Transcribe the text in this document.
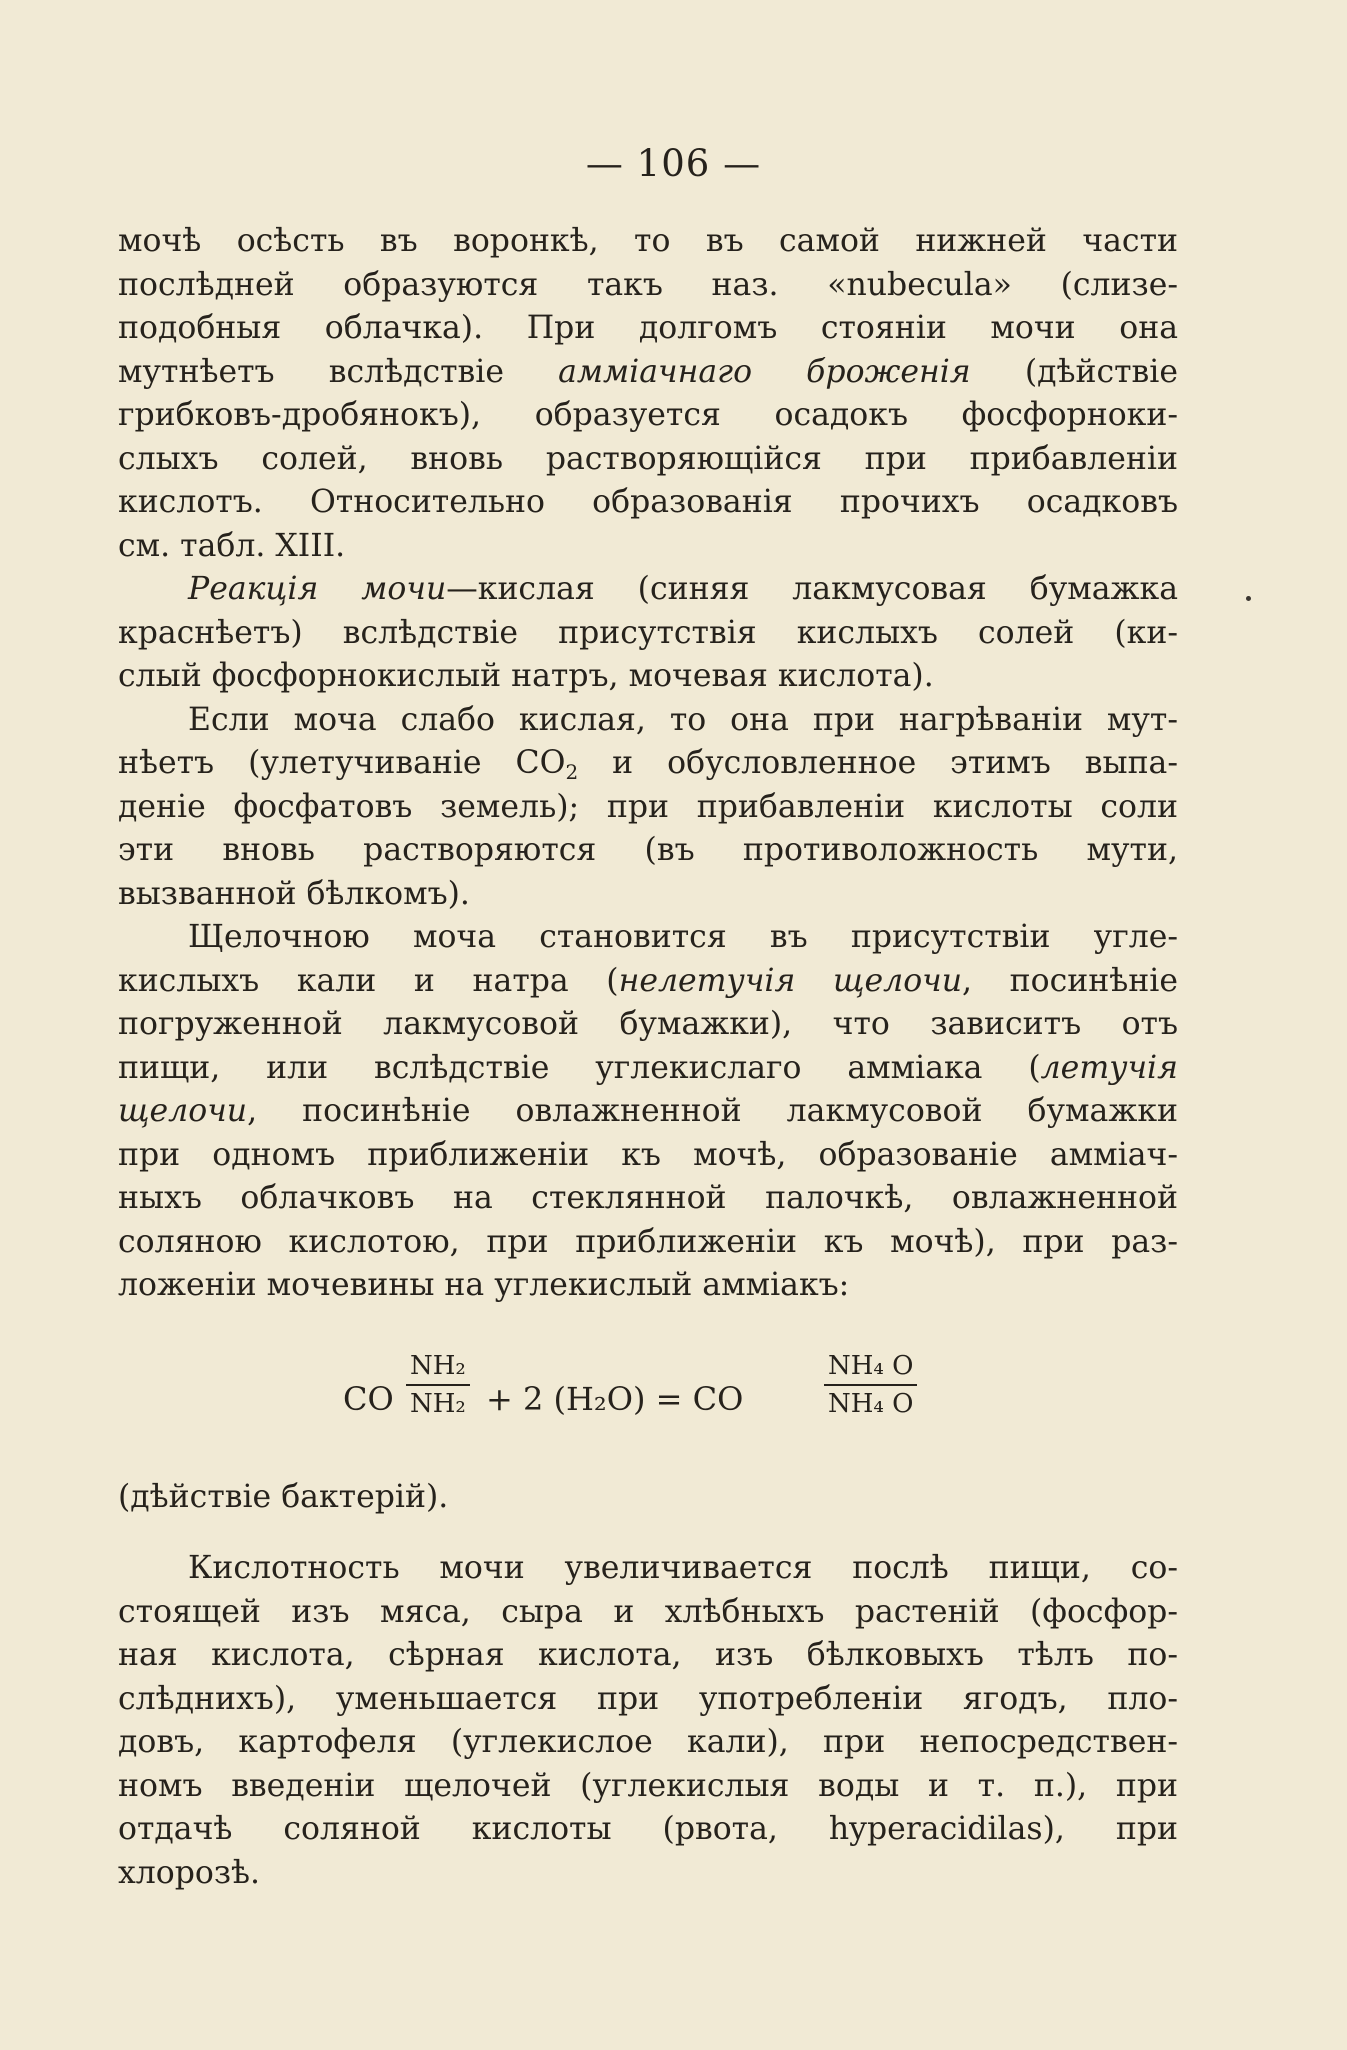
— 106 —
мочѣ осѣсть въ воронкѣ, то въ самой нижней части
послѣдней образуются такъ наз. «nubecula» (слизе-
подобныя облачка). При долгомъ стояніи мочи она
мутнѣетъ вслѣдствіе аммiачнаго броженiя (дѣйствіе
грибковъ-дробянокъ), образуется осадокъ фосфорноки-
слыхъ солей, вновь растворяющійся при прибавленіи
кислотъ. Относительно образованія прочихъ осадковъ
см. табл. XIII.
Реакція мочи—кислая (синяя лакмусовая бумажка
краснѣетъ) вслѣдствіе присутствія кислыхъ солей (ки-
слый фосфорнокислый натръ, мочевая кислота).
Если моча слабо кислая, то она при нагрѣваніи мут-
нѣетъ (улетучиваніе $CO_2$ и обусловленное этимъ выпа-
деніе фосфатовъ земель); при прибавленіи кислоты соли
эти вновь растворяются (въ противоложность мути,
вызванной бѣлкомъ).
Щелочною моча становится въ присутствіи угле-
кислыхъ кали и натра (нелетучія щелочи, посинѣніе
погруженной лакмусовой бумажки), что зависитъ отъ
пищи, или вслѣдствіе углекислаго амміака (летучія
щелочи, посинѣніе овлажненной лакмусовой бумажки
при одномъ приближеніи къ мочѣ, образованіе амміач-
ныхъ облачковъ на стеклянной палочкѣ, овлажненной
соляною кислотою, при приближеніи къ мочѣ), при раз-
ложеніи мочевины на углекислый амміакъ:
CO $\frac{\text{NH₂}}{\text{NH₂}} + 2$ (H₂O) = CO	$\frac{\text{NH₄ O}}{\text{NH₄ O}}$
(дѣйствіе бактерій).
Кислотность мочи увеличивается послѣ пищи, со-
стоящей изъ мяса, сыра и хлѣбныхъ растеній (фосфор-
ная кислота, сѣрная кислота, изъ бѣлковыхъ тѣлъ по-
слѣднихъ), уменьшается при употребленіи ягодъ, пло-
довъ, картофеля (углекислое кали), при непосредствен-
номъ введеніи щелочей (углекислыя воды и т. п.), при
отдачѣ соляной кислоты (рвота, hyperacidilas), при
хлорозѣ.
